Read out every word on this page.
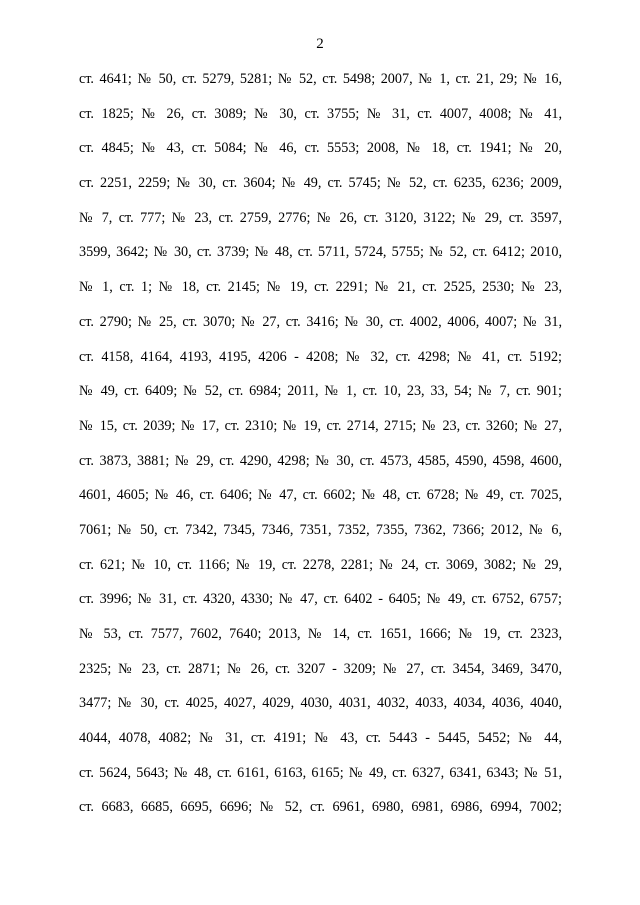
2
ст. 4641; № 50, ст. 5279, 5281; № 52, ст. 5498; 2007, № 1, ст. 21, 29; № 16,
ст. 1825; № 26, ст. 3089; № 30, ст. 3755; № 31, ст. 4007, 4008; № 41,
ст. 4845; № 43, ст. 5084; № 46, ст. 5553; 2008, № 18, ст. 1941; № 20,
ст. 2251, 2259; № 30, ст. 3604; № 49, ст. 5745; № 52, ст. 6235, 6236; 2009,
№ 7, ст. 777; № 23, ст. 2759, 2776; № 26, ст. 3120, 3122; № 29, ст. 3597,
3599, 3642; № 30, ст. 3739; № 48, ст. 5711, 5724, 5755; № 52, ст. 6412; 2010,
№ 1, ст. 1; № 18, ст. 2145; № 19, ст. 2291; № 21, ст. 2525, 2530; № 23,
ст. 2790; № 25, ст. 3070; № 27, ст. 3416; № 30, ст. 4002, 4006, 4007; № 31,
ст. 4158, 4164, 4193, 4195, 4206 - 4208; № 32, ст. 4298; № 41, ст. 5192;
№ 49, ст. 6409; № 52, ст. 6984; 2011, № 1, ст. 10, 23, 33, 54; № 7, ст. 901;
№ 15, ст. 2039; № 17, ст. 2310; № 19, ст. 2714, 2715; № 23, ст. 3260; № 27,
ст. 3873, 3881; № 29, ст. 4290, 4298; № 30, ст. 4573, 4585, 4590, 4598, 4600,
4601, 4605; № 46, ст. 6406; № 47, ст. 6602; № 48, ст. 6728; № 49, ст. 7025,
7061; № 50, ст. 7342, 7345, 7346, 7351, 7352, 7355, 7362, 7366; 2012, № 6,
ст. 621; № 10, ст. 1166; № 19, ст. 2278, 2281; № 24, ст. 3069, 3082; № 29,
ст. 3996; № 31, ст. 4320, 4330; № 47, ст. 6402 - 6405; № 49, ст. 6752, 6757;
№ 53, ст. 7577, 7602, 7640; 2013, № 14, ст. 1651, 1666; № 19, ст. 2323,
2325; № 23, ст. 2871; № 26, ст. 3207 - 3209; № 27, ст. 3454, 3469, 3470,
3477; № 30, ст. 4025, 4027, 4029, 4030, 4031, 4032, 4033, 4034, 4036, 4040,
4044, 4078, 4082; № 31, ст. 4191; № 43, ст. 5443 - 5445, 5452; № 44,
ст. 5624, 5643; № 48, ст. 6161, 6163, 6165; № 49, ст. 6327, 6341, 6343; № 51,
ст. 6683, 6685, 6695, 6696; № 52, ст. 6961, 6980, 6981, 6986, 6994, 7002;
